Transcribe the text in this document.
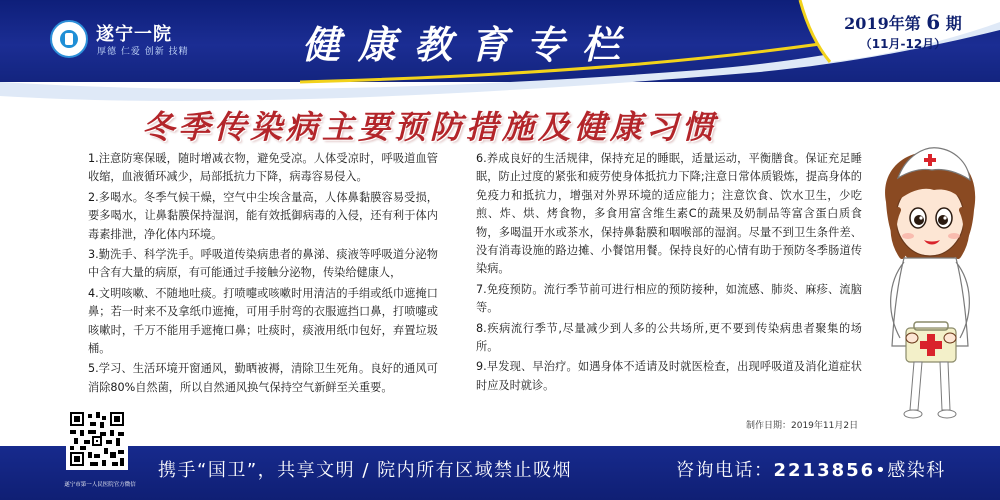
遂宁一院
厚德 仁爱 创新 技精	健康教育专栏	2019年第 6 期
（11月-12月）
冬季传染病主要预防措施及健康习惯

1.注意防寒保暖，随时增减衣物，避免受凉。人体受凉时，呼吸道血管收缩，血液循环减少，局部抵抗力下降，病毒容易侵入。

2.多喝水。冬季气候干燥，空气中尘埃含量高，人体鼻黏膜容易受损，要多喝水，让鼻黏膜保持湿润，能有效抵御病毒的入侵，还有利于体内毒素排泄，净化体内环境。

3.勤洗手、科学洗手。呼吸道传染病患者的鼻涕、痰液等呼吸道分泌物中含有大量的病原，有可能通过手接触分泌物，传染给健康人，

4.文明咳嗽、不随地吐痰。打喷嚏或咳嗽时用清洁的手绢或纸巾遮掩口鼻；若一时来不及拿纸巾遮掩，可用手肘弯的衣服遮挡口鼻，打喷嚏或咳嗽时，千万不能用手遮掩口鼻；吐痰时，痰液用纸巾包好，弃置垃圾桶。

5.学习、生活环境开窗通风，勤晒被褥，清除卫生死角。良好的通风可消除80%自然菌，所以自然通风换气保持空气新鲜至关重要。

6.养成良好的生活规律，保持充足的睡眠，适量运动，平衡膳食。保证充足睡眠，防止过度的紧张和疲劳使身体抵抗力下降;注意日常体质锻炼，提高身体的免疫力和抵抗力，增强对外界环境的适应能力；注意饮食、饮水卫生，少吃煎、炸、烘、烤食物，多食用富含维生素C的蔬果及奶制品等富含蛋白质食物，多喝温开水或茶水，保持鼻黏膜和咽喉部的湿润。尽量不到卫生条件差、没有消毒设施的路边摊、小餐馆用餐。保持良好的心情有助于预防冬季肠道传染病。

7.免疫预防。流行季节前可进行相应的预防接种，如流感、肺炎、麻疹、流脑等。

8.疾病流行季节,尽量减少到人多的公共场所,更不要到传染病患者聚集的场所。

9.早发现、早治疗。如遇身体不适请及时就医检查，出现呼吸道及消化道症状时应及时就诊。

制作日期：2019年11月2日
遂宁市第一人民医院官方微信
携手“国卫”，共享文明 / 院内所有区域禁止吸烟	咨询电话：2213856•感染科
